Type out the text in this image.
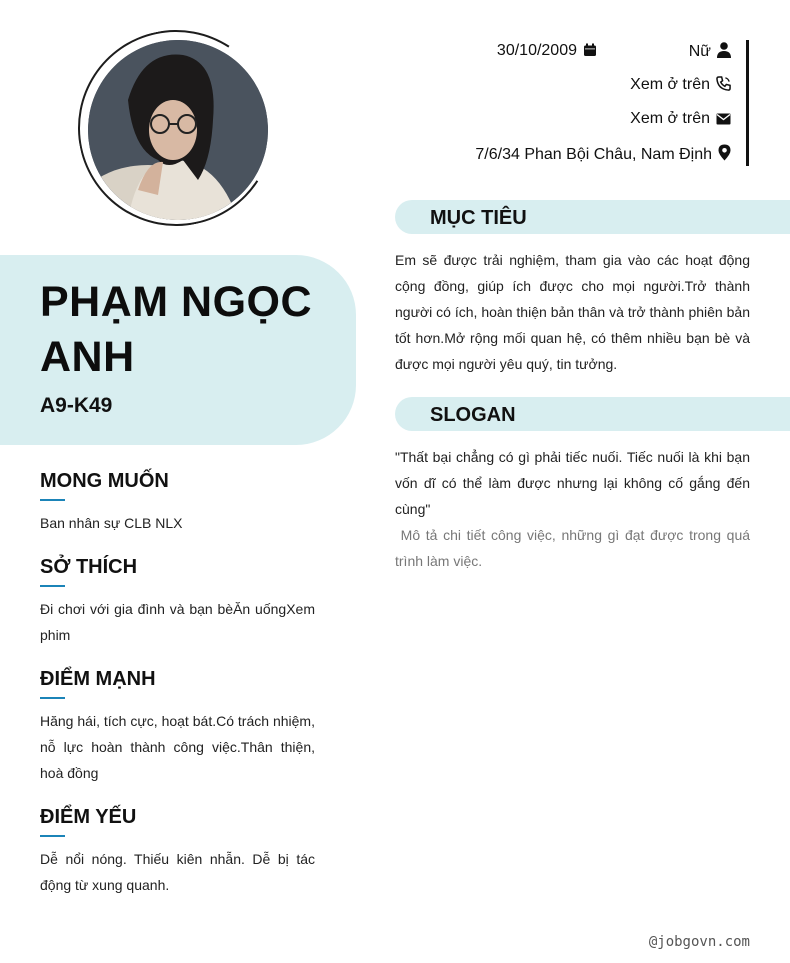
PHẠM NGỌC ANH
A9-K49
MONG MUỐN
Ban nhân sự CLB NLX
SỞ THÍCH
Đi chơi với gia đình và bạn bèĂn uốngXem phim
ĐIỂM MẠNH
Hăng hái, tích cực, hoạt bát.Có trách nhiệm, nỗ lực hoàn thành công việc.Thân thiện, hoà đồng
ĐIỂM YẾU
Dễ nổi nóng. Thiếu kiên nhẫn. Dễ bị tác động từ xung quanh.
30/10/2009	Nữ
Xem ở trên
Xem ở trên
7/6/34 Phan Bội Châu, Nam Định
MỤC TIÊU
Em sẽ được trải nghiệm, tham gia vào các hoạt động cộng đồng, giúp ích được cho mọi người.Trở thành người có ích, hoàn thiện bản thân và trở thành phiên bản tốt hơn.Mở rộng mối quan hệ, có thêm nhiều bạn bè và được mọi người yêu quý, tin tưởng.
SLOGAN
"Thất bại chẳng có gì phải tiếc nuối. Tiếc nuối là khi bạn vốn dĩ có thể làm được nhưng lại không cố gắng đến cùng"
Mô tả chi tiết công việc, những gì đạt được trong quá trình làm việc.
@jobgovn.com
